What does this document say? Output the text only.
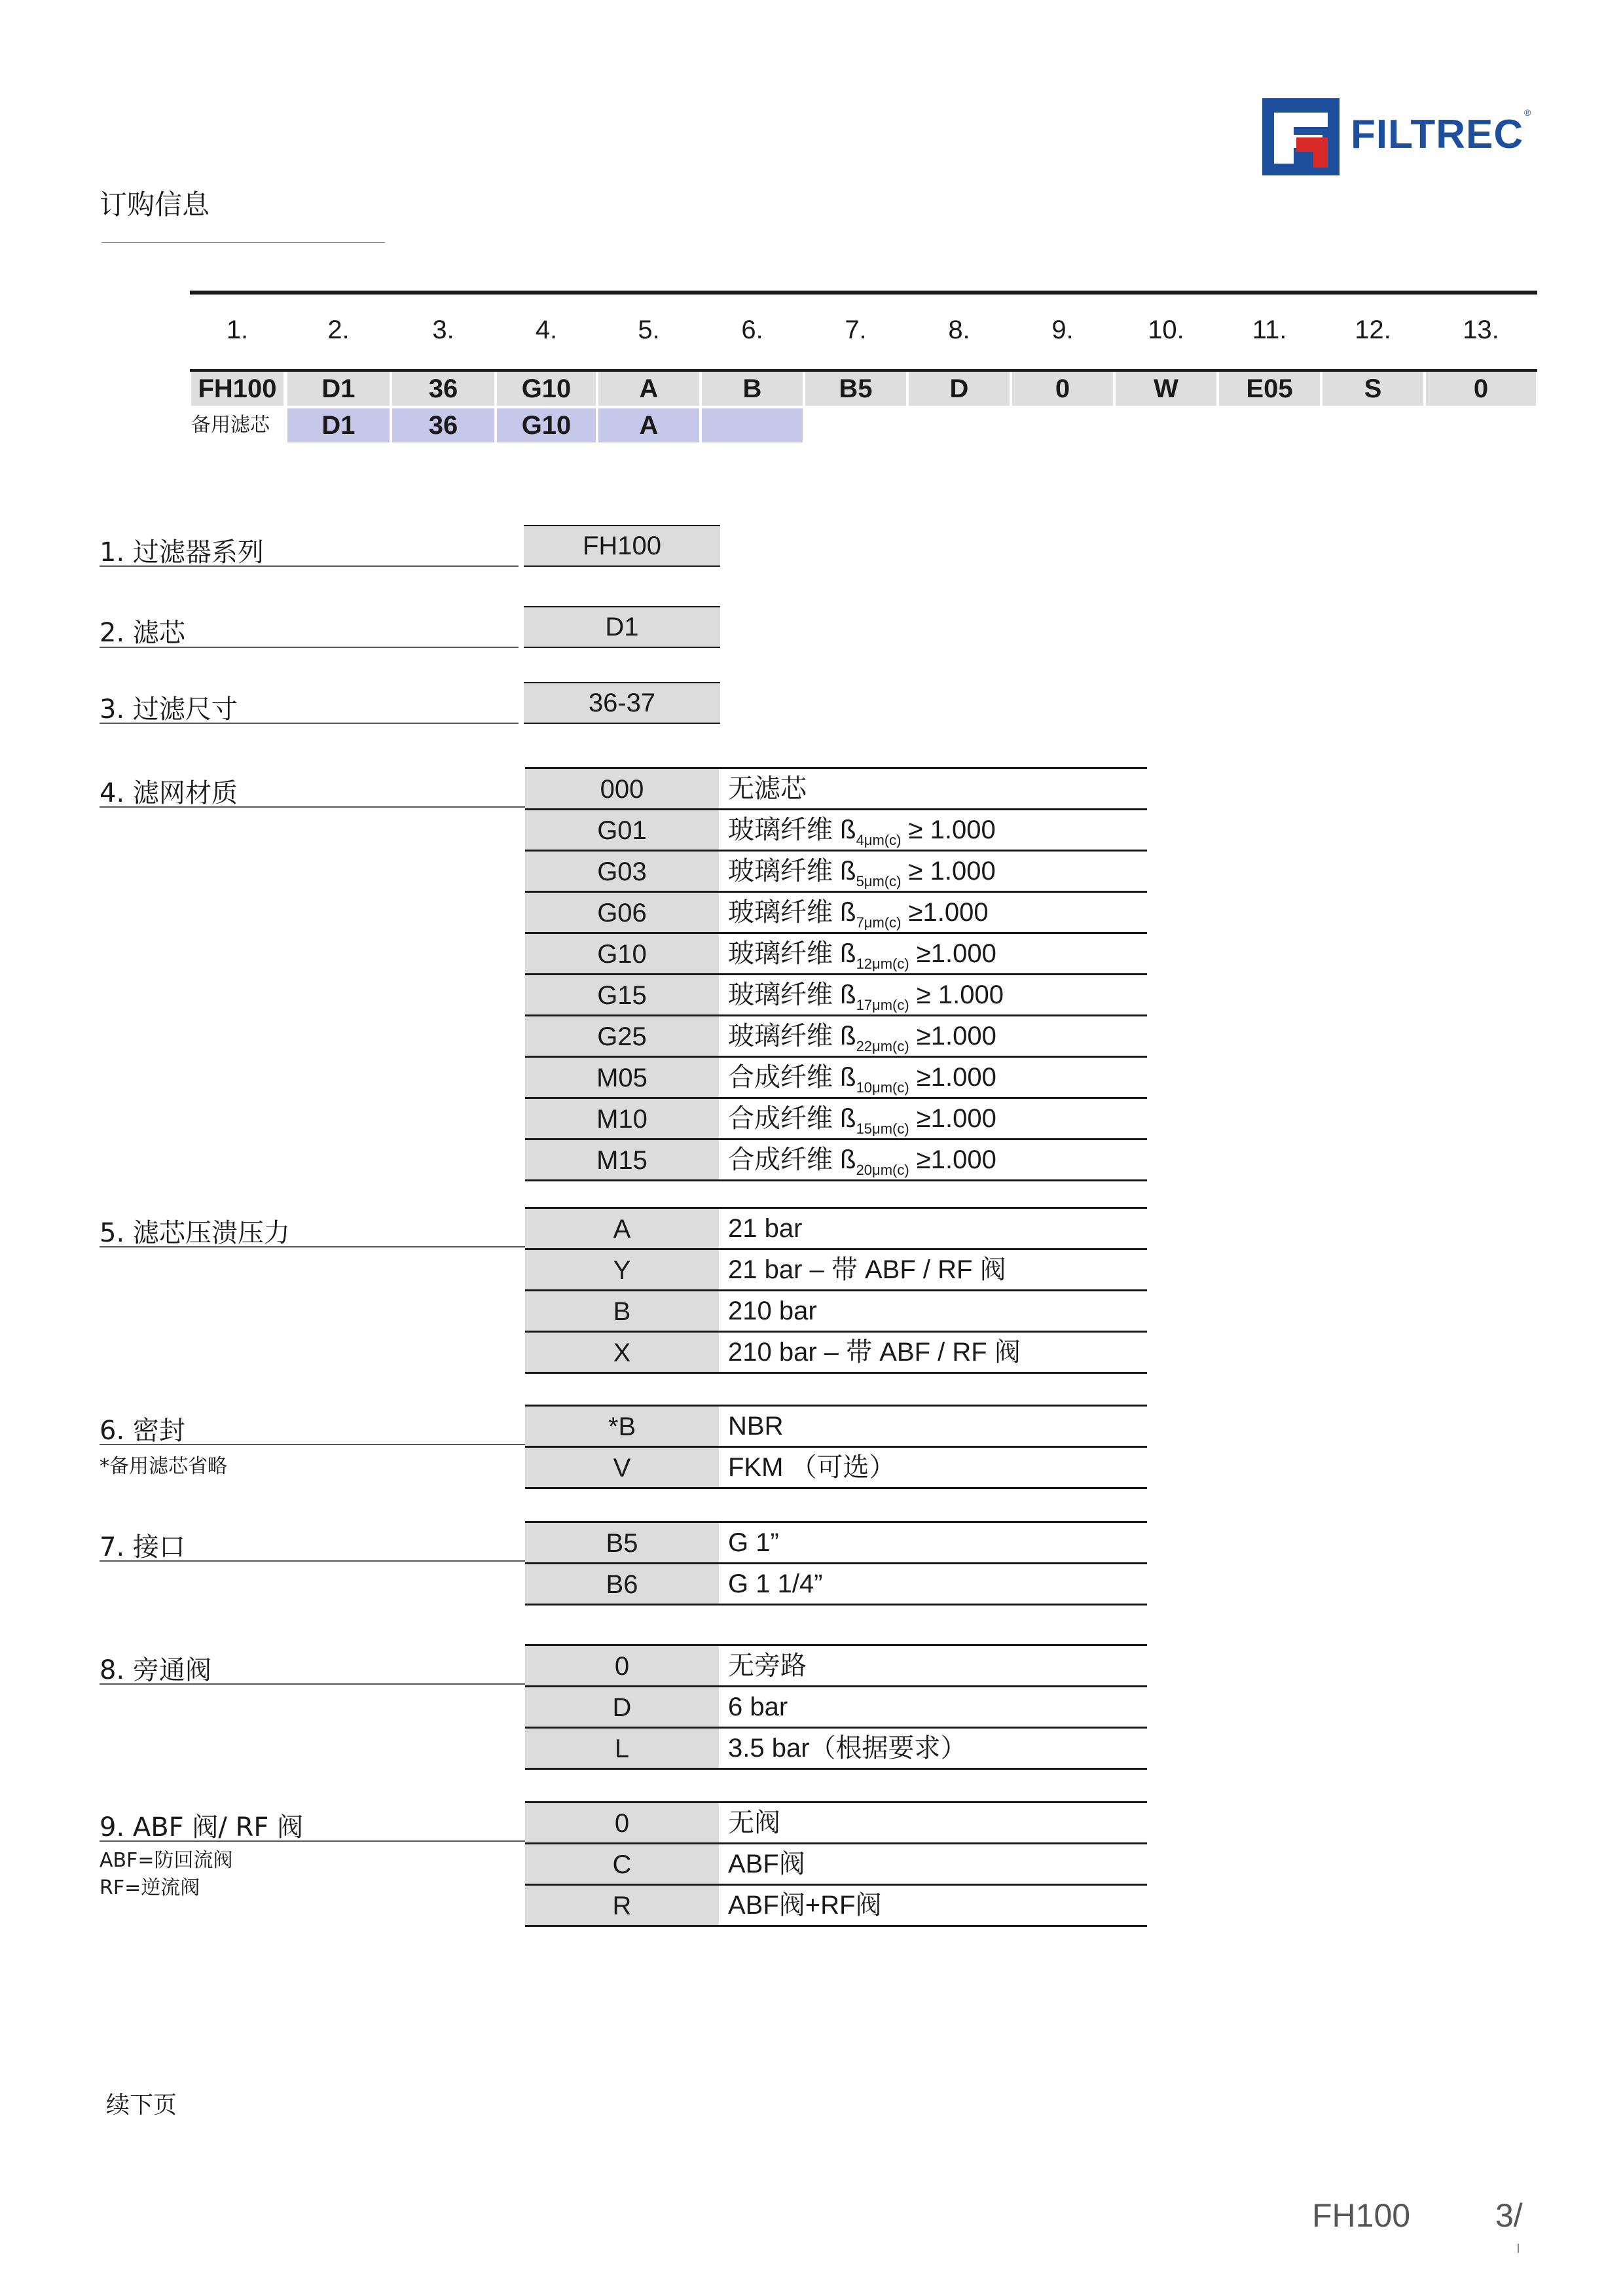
FILTREC ®
订购信息
1.	2.	3.	4.	5.	6.	7.	8.	9.	10.	11.	12.	13.
FH100	D1	36	G10	A	B	B5	D	0	W	E05	S	0
备用滤芯	D1	36	G10	A
1. 过滤器系列	FH100
2. 滤芯	D1
3. 过滤尺寸	36-37
4. 滤网材质	000	无滤芯
G01	玻璃纤维 $ß_{4\mu m(c)} \ge 1.000$
G03	玻璃纤维 $ß_{5\mu m(c)} \ge 1.000$
G06	玻璃纤维 $ß_{7\mu m(c)} \ge 1.000$
G10	玻璃纤维 $ß_{12\mu m(c)} \ge 1.000$
G15	玻璃纤维 $ß_{17\mu m(c)} \ge 1.000$
G25	玻璃纤维 $ß_{22\mu m(c)} \ge 1.000$
M05	合成纤维 $ß_{10\mu m(c)} \ge 1.000$
M10	合成纤维 $ß_{15\mu m(c)} \ge 1.000$
M15	合成纤维 $ß_{20\mu m(c)} \ge 1.000$
5. 滤芯压溃压力	A	21 bar
Y	21 bar – 带 ABF / RF 阀
B	210 bar
X	210 bar – 带 ABF / RF 阀
6. 密封
*备用滤芯省略
*B	NBR
V	FKM （可选）
7. 接口	B5	G 1”
B6	G 1 1/4”
8. 旁通阀	0	无旁路
D	6 bar
L	3.5 bar（根据要求）
9. ABF 阀/ RF 阀
ABF=防回流阀
RF=逆流阀
0	无阀
C	ABF阀
R	ABF阀+RF阀
续下页
FH100	3/
